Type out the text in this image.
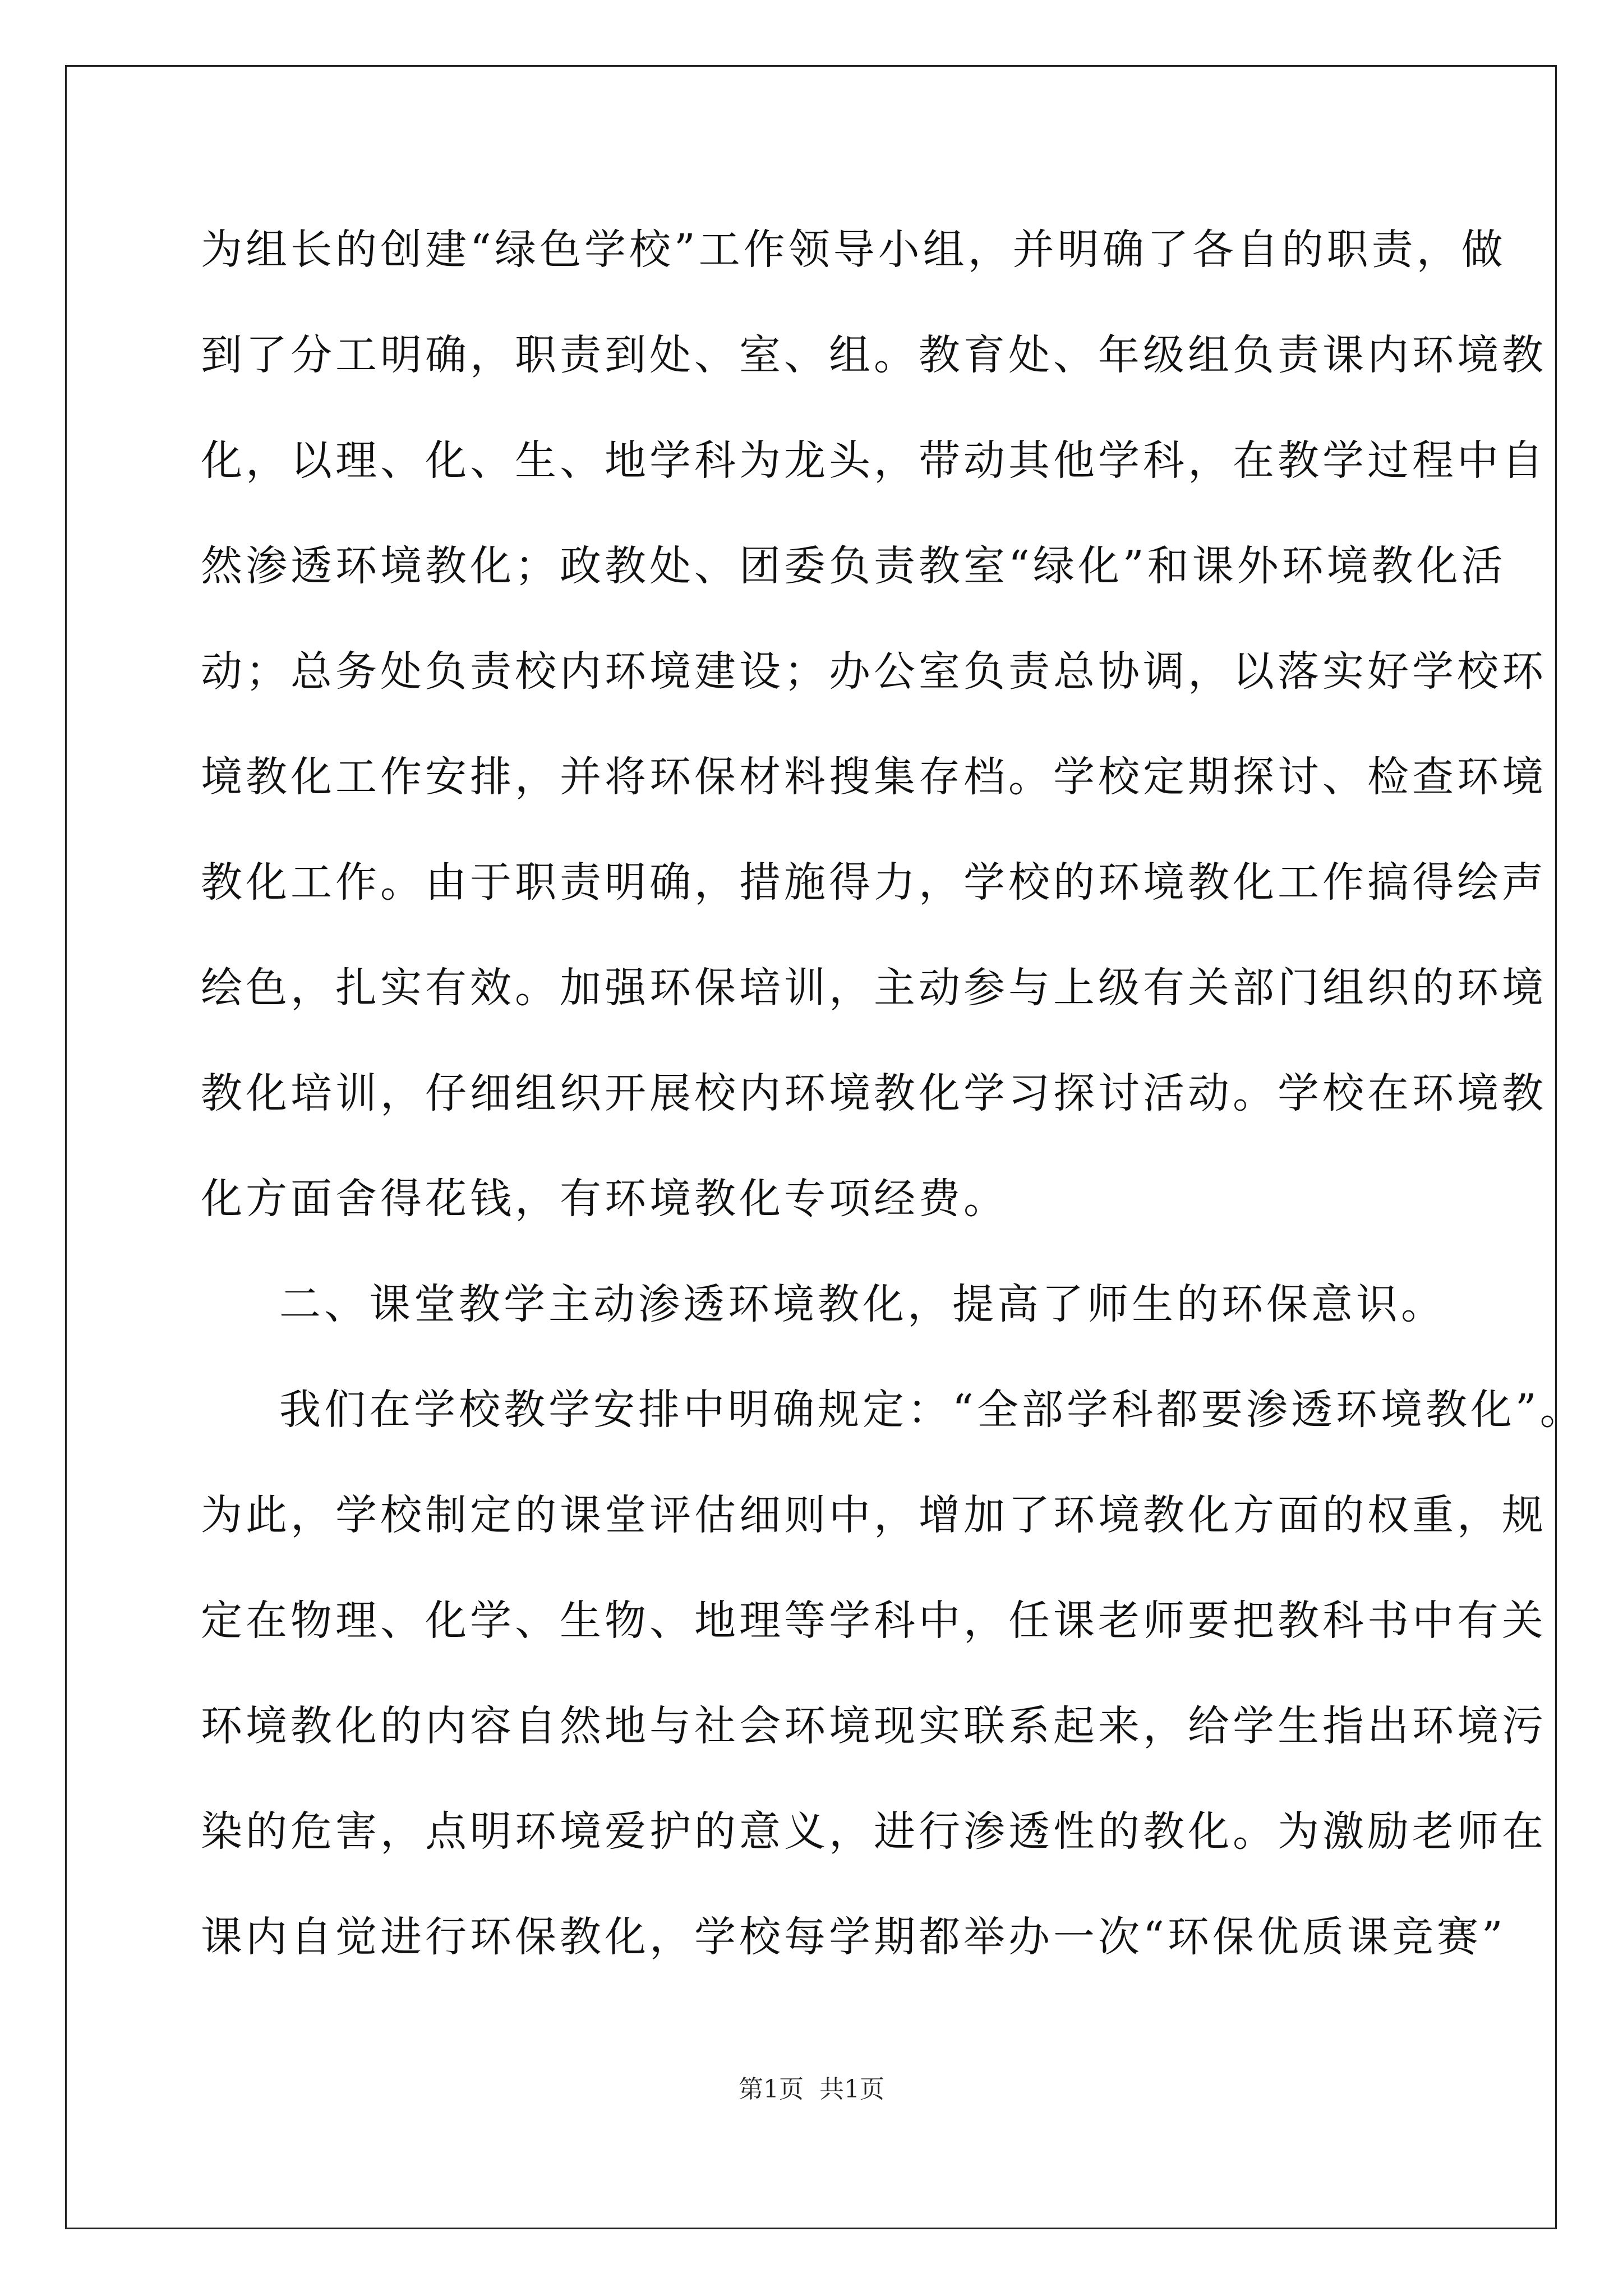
为组长的创建“绿色学校”工作领导小组，并明确了各自的职责，做
到了分工明确，职责到处、室、组。教育处、年级组负责课内环境教
化，以理、化、生、地学科为龙头，带动其他学科，在教学过程中自
然渗透环境教化；政教处、团委负责教室“绿化”和课外环境教化活
动；总务处负责校内环境建设；办公室负责总协调，以落实好学校环
境教化工作安排，并将环保材料搜集存档。学校定期探讨、检查环境
教化工作。由于职责明确，措施得力，学校的环境教化工作搞得绘声
绘色，扎实有效。加强环保培训，主动参与上级有关部门组织的环境
教化培训，仔细组织开展校内环境教化学习探讨活动。学校在环境教
化方面舍得花钱，有环境教化专项经费。
二、课堂教学主动渗透环境教化，提高了师生的环保意识。
我们在学校教学安排中明确规定：“全部学科都要渗透环境教化”。
为此，学校制定的课堂评估细则中，增加了环境教化方面的权重，规
定在物理、化学、生物、地理等学科中，任课老师要把教科书中有关
环境教化的内容自然地与社会环境现实联系起来，给学生指出环境污
染的危害，点明环境爱护的意义，进行渗透性的教化。为激励老师在
课内自觉进行环保教化，学校每学期都举办一次“环保优质课竞赛”
第1页  共1页
